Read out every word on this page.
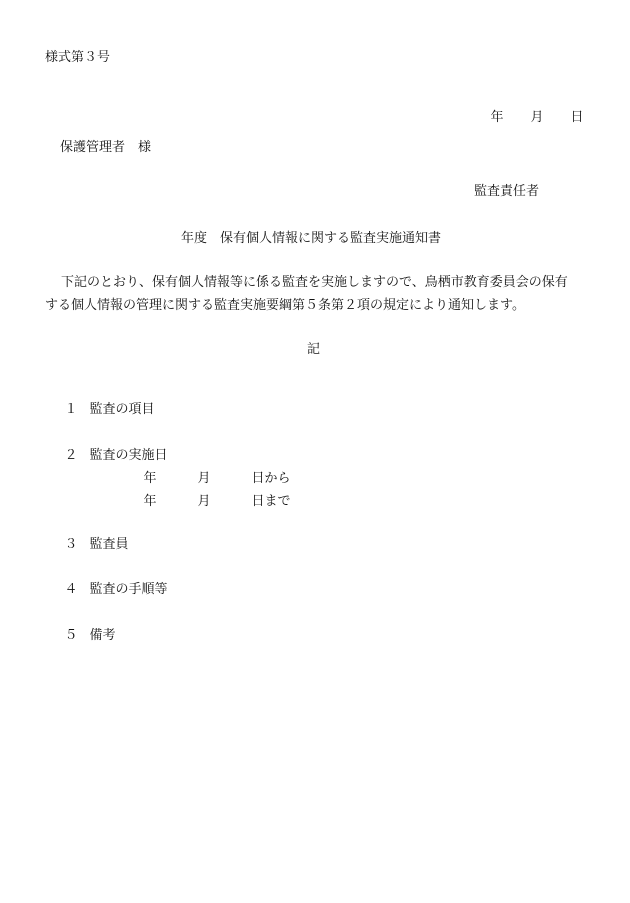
様式第３号

年 月 日

保護管理者　様

監査責任者

年度　保有個人情報に関する監査実施通知書

下記のとおり、保有個人情報等に係る監査を実施しますので、鳥栖市教育委員会の保有

する個人情報の管理に関する監査実施要綱第５条第２項の規定により通知します。

記

１ 監査の項目

２ 監査の実施日

年	月	日から

年	月	日まで

３ 監査員

４ 監査の手順等

５ 備考
